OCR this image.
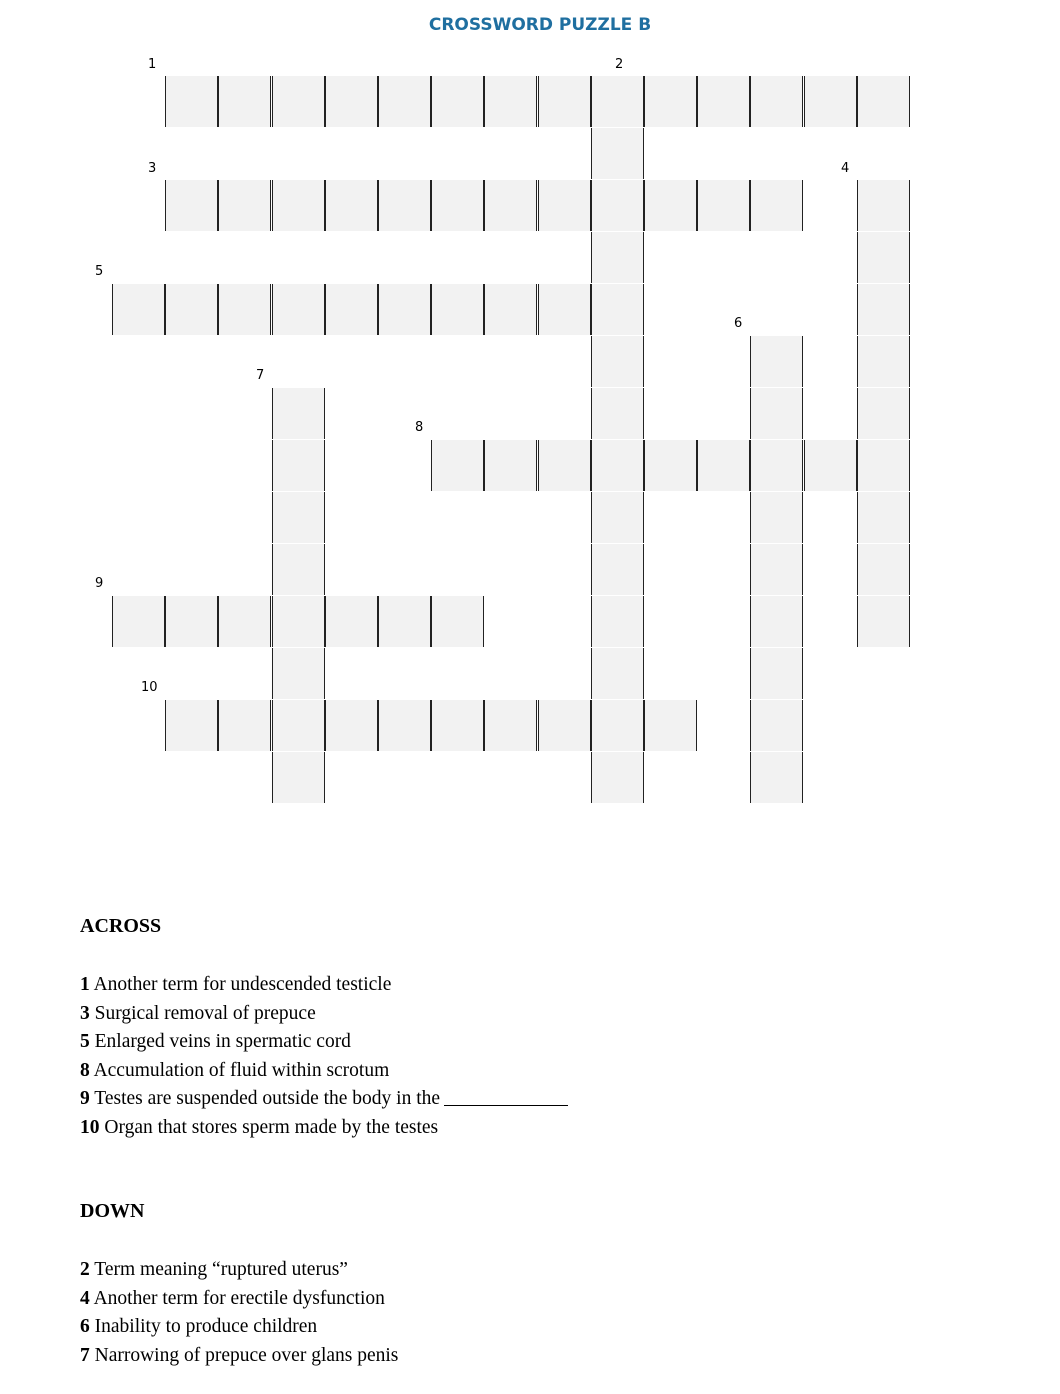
CROSSWORD PUZZLE B
1	2
3	4
5
6
7
8
9
10
ACROSS
1 Another term for undescended testicle
3 Surgical removal of prepuce
5 Enlarged veins in spermatic cord
8 Accumulation of fluid within scrotum
9 Testes are suspended outside the body in the
10 Organ that stores sperm made by the testes
DOWN
2 Term meaning “ruptured uterus”
4 Another term for erectile dysfunction
6 Inability to produce children
7 Narrowing of prepuce over glans penis
